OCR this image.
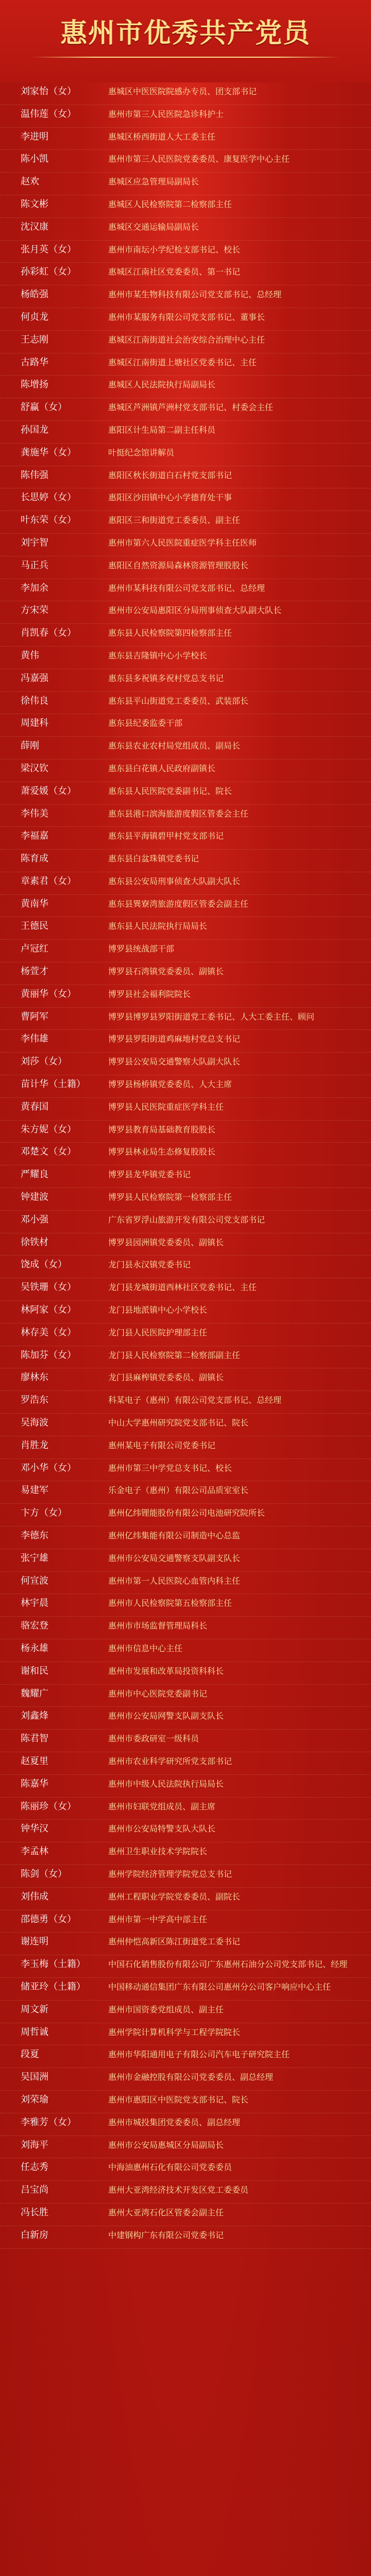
惠州市优秀共产党员
刘家怡（女）	惠城区中医医院院感办专员、团支部书记
温伟莲（女）	惠州市第三人民医院急诊科护士
李进明	惠城区桥西街道人大工委主任
陈小凯	惠州市第三人民医院党委委员、康复医学中心主任
赵欢	惠城区应急管理局副局长
陈文彬	惠城区人民检察院第二检察部主任
沈汉康	惠城区交通运输局副局长
张月英（女）	惠州市南坛小学纪检支部书记、校长
孙彩虹（女）	惠城区江南社区党委委员、第一书记
杨皓强	惠州市某生物科技有限公司党支部书记、总经理
何贞龙	惠州市某服务有限公司党支部书记、董事长
王志刚	惠城区江南街道社会治安综合治理中心主任
古路华	惠城区江南街道上塘社区党委书记、主任
陈增扬	惠城区人民法院执行局副局长
舒赢（女）	惠城区芦洲镇芦洲村党支部书记、村委会主任
孙国龙	惠阳区计生局第二副主任科员
龚施华（女）	叶挺纪念馆讲解员
陈伟强	惠阳区秋长街道白石村党支部书记
长思婷（女）	惠阳区沙田镇中心小学德育处干事
叶东荣（女）	惠阳区三和街道党工委委员、副主任
刘宇智	惠州市第六人民医院重症医学科主任医师
马正兵	惠阳区自然资源局森林资源管理股股长
李加余	惠州市某科技有限公司党支部书记、总经理
方宋荣	惠州市公安局惠阳区分局刑事侦查大队副大队长
肖凯春（女）	惠东县人民检察院第四检察部主任
黄伟	惠东县吉隆镇中心小学校长
冯嘉强	惠东县多祝镇多祝村党总支书记
徐伟良	惠东县平山街道党工委委员、武装部长
周建科	惠东县纪委监委干部
薛刚	惠东县农业农村局党组成员、副局长
梁汉钦	惠东县白花镇人民政府副镇长
萧爱媛（女）	惠东县人民医院党委副书记、院长
李伟美	惠东县港口滨海旅游度假区管委会主任
李福嘉	惠东县平海镇碧甲村党支部书记
陈育成	惠东县白盆珠镇党委书记
章素君（女）	惠东县公安局刑事侦查大队副大队长
黄南华	惠东县巽寮湾旅游度假区管委会副主任
王德民	惠东县人民法院执行局局长
卢冠红	博罗县统战部干部
杨萱才	博罗县石湾镇党委委员、副镇长
黄丽华（女）	博罗县社会福利院院长
曹阿军	博罗县博罗县罗阳街道党工委书记、人大工委主任、顾问
李伟雄	博罗县罗阳街道鸡麻地村党总支书记
刘莎（女）	博罗县公安局交通警察大队副大队长
苗计华（土籍）	博罗县杨桥镇党委委员、人大主席
黄春国	博罗县人民医院重症医学科主任
朱方妮（女）	博罗县教育局基础教育股股长
邓楚文（女）	博罗县林业局生态修复股股长
严耀良	博罗县龙华镇党委书记
钟建波	博罗县人民检察院第一检察部主任
邓小强	广东省罗浮山旅游开发有限公司党支部书记
徐铁材	博罗县园洲镇党委委员、副镇长
饶成（女）	龙门县永汉镇党委书记
吴铁珊（女）	龙门县龙城街道西林社区党委书记、主任
林阿家（女）	龙门县地派镇中心小学校长
林存美（女）	龙门县人民医院护理部主任
陈加芬（女）	龙门县人民检察院第二检察部副主任
廖林东	龙门县麻榨镇党委委员、副镇长
罗浩东	科某电子（惠州）有限公司党支部书记、总经理
吴海波	中山大学惠州研究院党支部书记、院长
肖胜龙	惠州某电子有限公司党委书记
邓小华（女）	惠州市第三中学党总支书记、校长
易建军	乐金电子（惠州）有限公司品质室室长
卞方（女）	惠州亿纬锂能股份有限公司电池研究院所长
李德东	惠州亿纬集能有限公司制造中心总监
张宁雄	惠州市公安局交通警察支队副支队长
何宣波	惠州市第一人民医院心血管内科主任
林宇晨	惠州市人民检察院第五检察部主任
骆宏登	惠州市市场监督管理局科长
杨永雄	惠州市信息中心主任
谢和民	惠州市发展和改革局投资科科长
魏耀广	惠州市中心医院党委副书记
刘鑫烽	惠州市公安局网警支队副支队长
陈君智	惠州市委政研室一级科员
赵夏里	惠州市农业科学研究所党支部书记
陈嘉华	惠州市中级人民法院执行局局长
陈丽珍（女）	惠州市妇联党组成员、副主席
钟华汉	惠州市公安局特警支队大队长
李孟林	惠州卫生职业技术学院院长
陈剑（女）	惠州学院经济管理学院党总支书记
刘伟成	惠州工程职业学院党委委员、副院长
邵德勇（女）	惠州市第一中学高中部主任
谢连明	惠州仲恺高新区陈江街道党工委书记
李玉梅（土籍）	中国石化销售股份有限公司广东惠州石油分公司党支部书记、经理
储亚玲（土籍）	中国移动通信集团广东有限公司惠州分公司客户响应中心主任
周文新	惠州市国资委党组成员、副主任
周哲诚	惠州学院计算机科学与工程学院院长
段夏	惠州市华阳通用电子有限公司汽车电子研究院主任
吴国洲	惠州市金融控股有限公司党委委员、副总经理
刘荣瑜	惠州市惠阳区中医院党支部书记、院长
李雅芳（女）	惠州市城投集团党委委员、副总经理
刘海平	惠州市公安局惠城区分局副局长
任志秀	中海油惠州石化有限公司党委委员
吕宝尚	惠州大亚湾经济技术开发区党工委委员
冯长胜	惠州大亚湾石化区管委会副主任
白新房	中建钢构广东有限公司党委书记
